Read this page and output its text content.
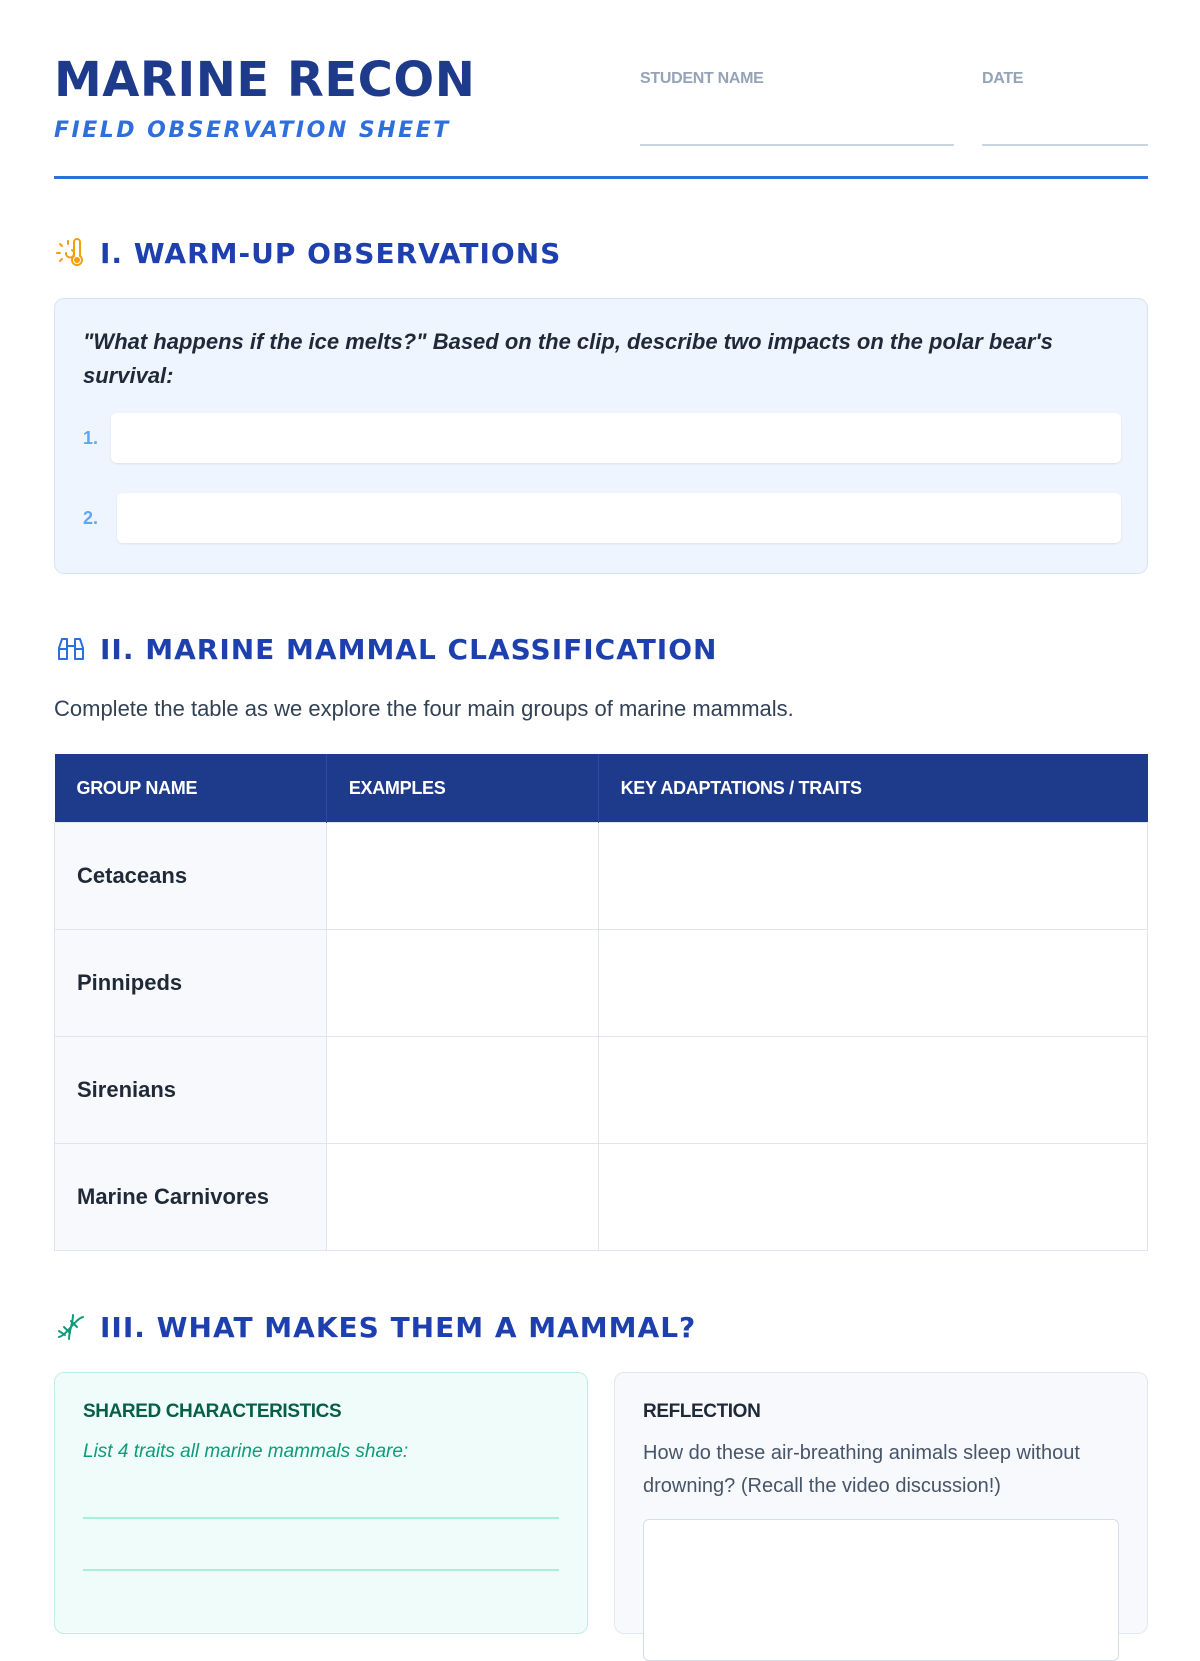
MARINE RECON
FIELD OBSERVATION SHEET
STUDENT NAME	DATE
I. WARM-UP OBSERVATIONS
"What happens if the ice melts?" Based on the clip, describe two impacts on the polar bear's survival:
1.
2.
II. MARINE MAMMAL CLASSIFICATION
Complete the table as we explore the four main groups of marine mammals.
GROUP NAME	EXAMPLES	KEY ADAPTATIONS / TRAITS
Cetaceans		
Pinnipeds		
Sirenians		
Marine Carnivores		
III. WHAT MAKES THEM A MAMMAL?
SHARED CHARACTERISTICS
List 4 traits all marine mammals share:
REFLECTION
How do these air-breathing animals sleep without drowning? (Recall the video discussion!)
